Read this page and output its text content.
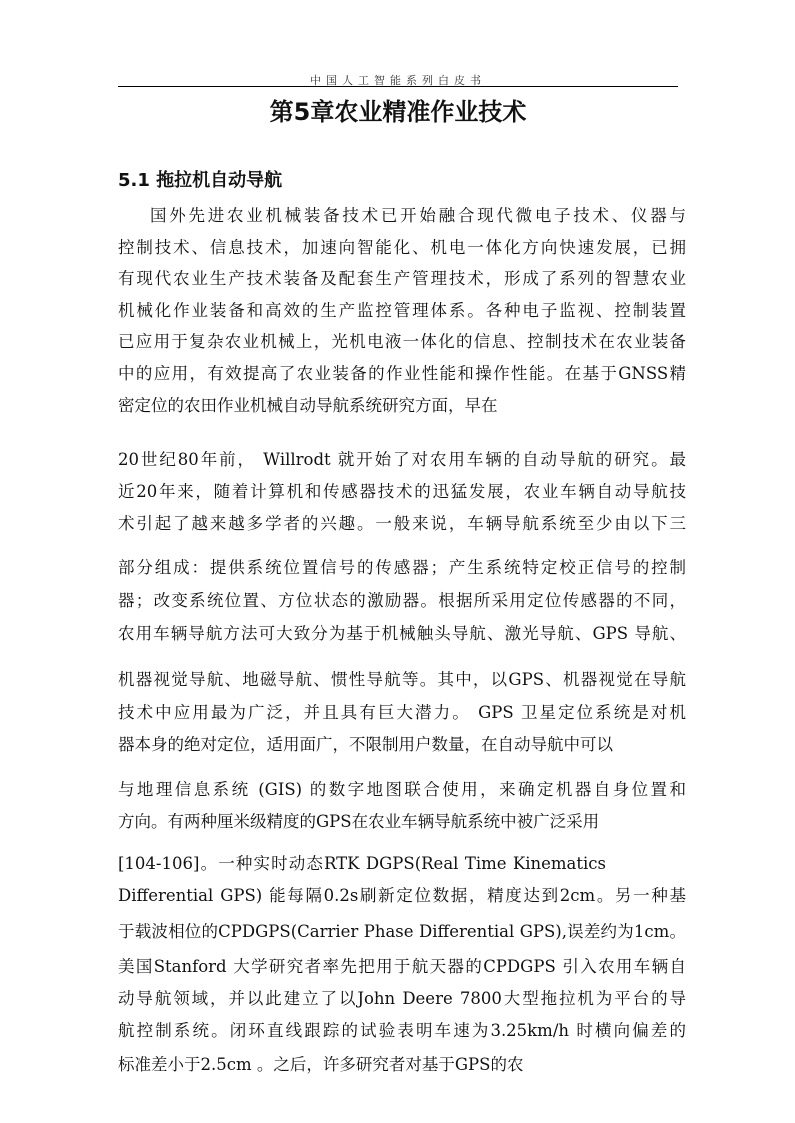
中国人工智能系列白皮书

第5章农业精准作业技术
5.1 拖拉机自动导航

国外先进农业机械装备技术已开始融合现代微电子技术、仪器与

控制技术、信息技术，加速向智能化、机电一体化方向快速发展，已拥

有现代农业生产技术装备及配套生产管理技术，形成了系列的智慧农业

机械化作业装备和高效的生产监控管理体系。各种电子监视、控制装置

已应用于复杂农业机械上，光机电液一体化的信息、控制技术在农业装备

中的应用，有效提高了农业装备的作业性能和操作性能。在基于GNSS精

密定位的农田作业机械自动导航系统研究方面，早在

20世纪80年前， Willrodt 就开始了对农用车辆的自动导航的研究。最

近20年来，随着计算机和传感器技术的迅猛发展，农业车辆自动导航技

术引起了越来越多学者的兴趣。一般来说，车辆导航系统至少由以下三

部分组成：提供系统位置信号的传感器；产生系统特定校正信号的控制

器；改变系统位置、方位状态的激励器。根据所采用定位传感器的不同，

农用车辆导航方法可大致分为基于机械触头导航、激光导航、GPS 导航、

机器视觉导航、地磁导航、惯性导航等。其中，以GPS、机器视觉在导航

技术中应用最为广泛，并且具有巨大潜力。 GPS 卫星定位系统是对机

器本身的绝对定位，适用面广，不限制用户数量，在自动导航中可以

与地理信息系统 (GIS) 的数字地图联合使用，来确定机器自身位置和

方向。有两种厘米级精度的GPS在农业车辆导航系统中被广泛采用

[104-106]。一种实时动态RTK DGPS(Real Time Kinematics

Differential GPS) 能每隔0.2s刷新定位数据，精度达到2cm。另一种基

于载波相位的CPDGPS(Carrier Phase Differential GPS),误差约为1cm。

美国Stanford 大学研究者率先把用于航天器的CPDGPS 引入农用车辆自

动导航领域，并以此建立了以John Deere 7800大型拖拉机为平台的导

航控制系统。闭环直线跟踪的试验表明车速为3.25km/h 时横向偏差的

标准差小于2.5cm 。之后，许多研究者对基于GPS的农
